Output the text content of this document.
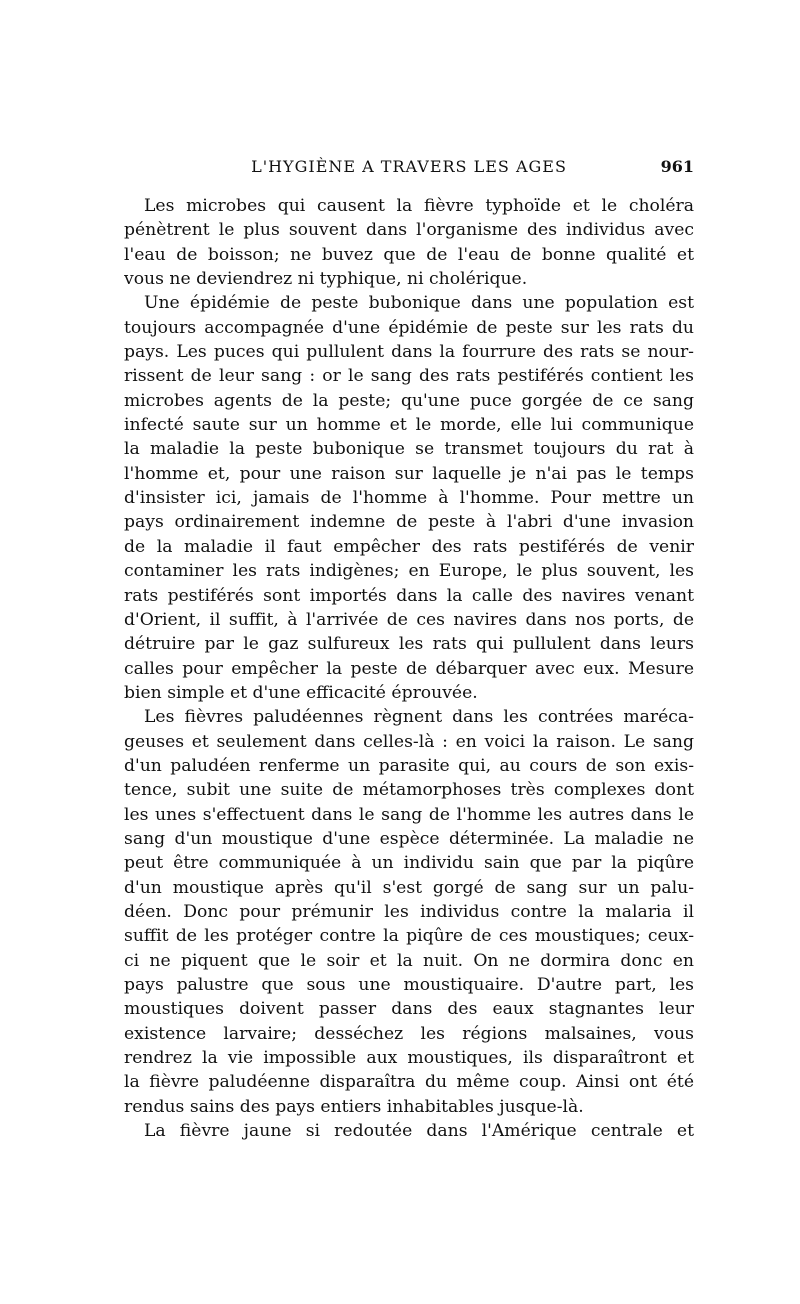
L'HYGIÈNE A TRAVERS LES AGES	961
Les microbes qui causent la fièvre typhoïde et le choléra
pénètrent le plus souvent dans l'organisme des individus avec
l'eau de boisson; ne buvez que de l'eau de bonne qualité et
vous ne deviendrez ni typhique, ni cholérique.
Une épidémie de peste bubonique dans une population est
toujours accompagnée d'une épidémie de peste sur les rats du
pays. Les puces qui pullulent dans la fourrure des rats se nour-
rissent de leur sang : or le sang des rats pestiférés contient les
microbes agents de la peste; qu'une puce gorgée de ce sang
infecté saute sur un homme et le morde, elle lui communique
la maladie la peste bubonique se transmet toujours du rat à
l'homme et, pour une raison sur laquelle je n'ai pas le temps
d'insister ici, jamais de l'homme à l'homme. Pour mettre un
pays ordinairement indemne de peste à l'abri d'une invasion
de la maladie il faut empêcher des rats pestiférés de venir
contaminer les rats indigènes; en Europe, le plus souvent, les
rats pestiférés sont importés dans la calle des navires venant
d'Orient, il suffit, à l'arrivée de ces navires dans nos ports, de
détruire par le gaz sulfureux les rats qui pullulent dans leurs
calles pour empêcher la peste de débarquer avec eux. Mesure
bien simple et d'une efficacité éprouvée.
Les fièvres paludéennes règnent dans les contrées maréca-
geuses et seulement dans celles-là : en voici la raison. Le sang
d'un paludéen renferme un parasite qui, au cours de son exis-
tence, subit une suite de métamorphoses très complexes dont
les unes s'effectuent dans le sang de l'homme les autres dans le
sang d'un moustique d'une espèce déterminée. La maladie ne
peut être communiquée à un individu sain que par la piqûre
d'un moustique après qu'il s'est gorgé de sang sur un palu-
déen. Donc pour prémunir les individus contre la malaria il
suffit de les protéger contre la piqûre de ces moustiques; ceux-
ci ne piquent que le soir et la nuit. On ne dormira donc en
pays palustre que sous une moustiquaire. D'autre part, les
moustiques doivent passer dans des eaux stagnantes leur
existence larvaire; desséchez les régions malsaines, vous
rendrez la vie impossible aux moustiques, ils disparaîtront et
la fièvre paludéenne disparaîtra du même coup. Ainsi ont été
rendus sains des pays entiers inhabitables jusque-là.
La fièvre jaune si redoutée dans l'Amérique centrale et
